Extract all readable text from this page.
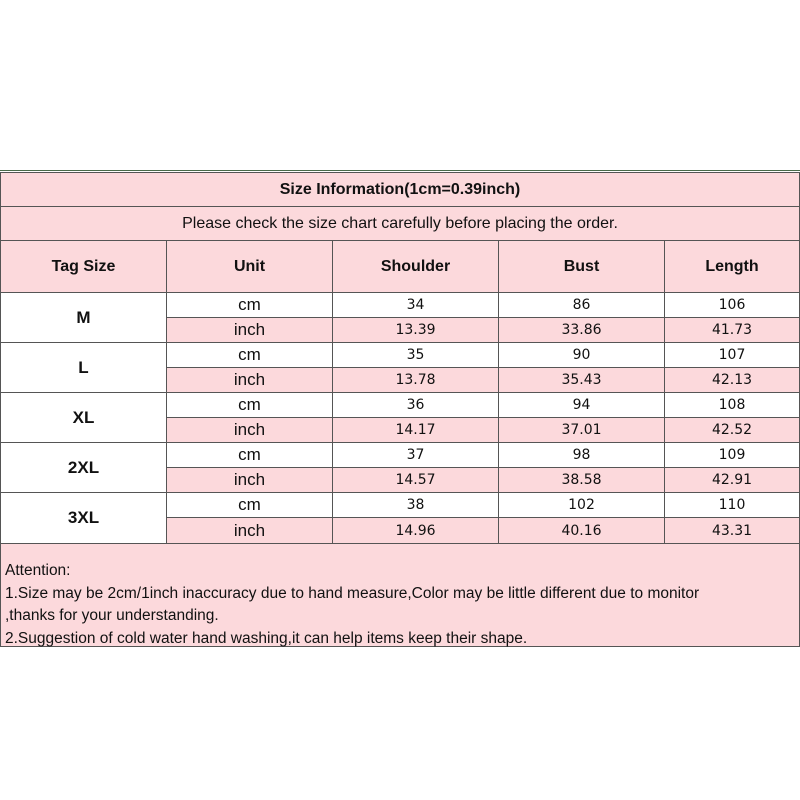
Size Information(1cm=0.39inch)
Please check the size chart carefully before placing the order.
Tag Size	Unit	Shoulder	Bust	Length
M
cm	34	86	106
inch	13.39	33.86	41.73
L
cm	35	90	107
inch	13.78	35.43	42.13
XL
cm	36	94	108
inch	14.17	37.01	42.52
2XL
cm	37	98	109
inch	14.57	38.58	42.91
3XL
cm	38	102	110
inch	14.96	40.16	43.31
Attention:
1.Size may be 2cm/1inch inaccuracy due to hand measure,Color may be little different due to monitor
,thanks for your understanding.
2.Suggestion of cold water hand washing,it can help items keep their shape.
